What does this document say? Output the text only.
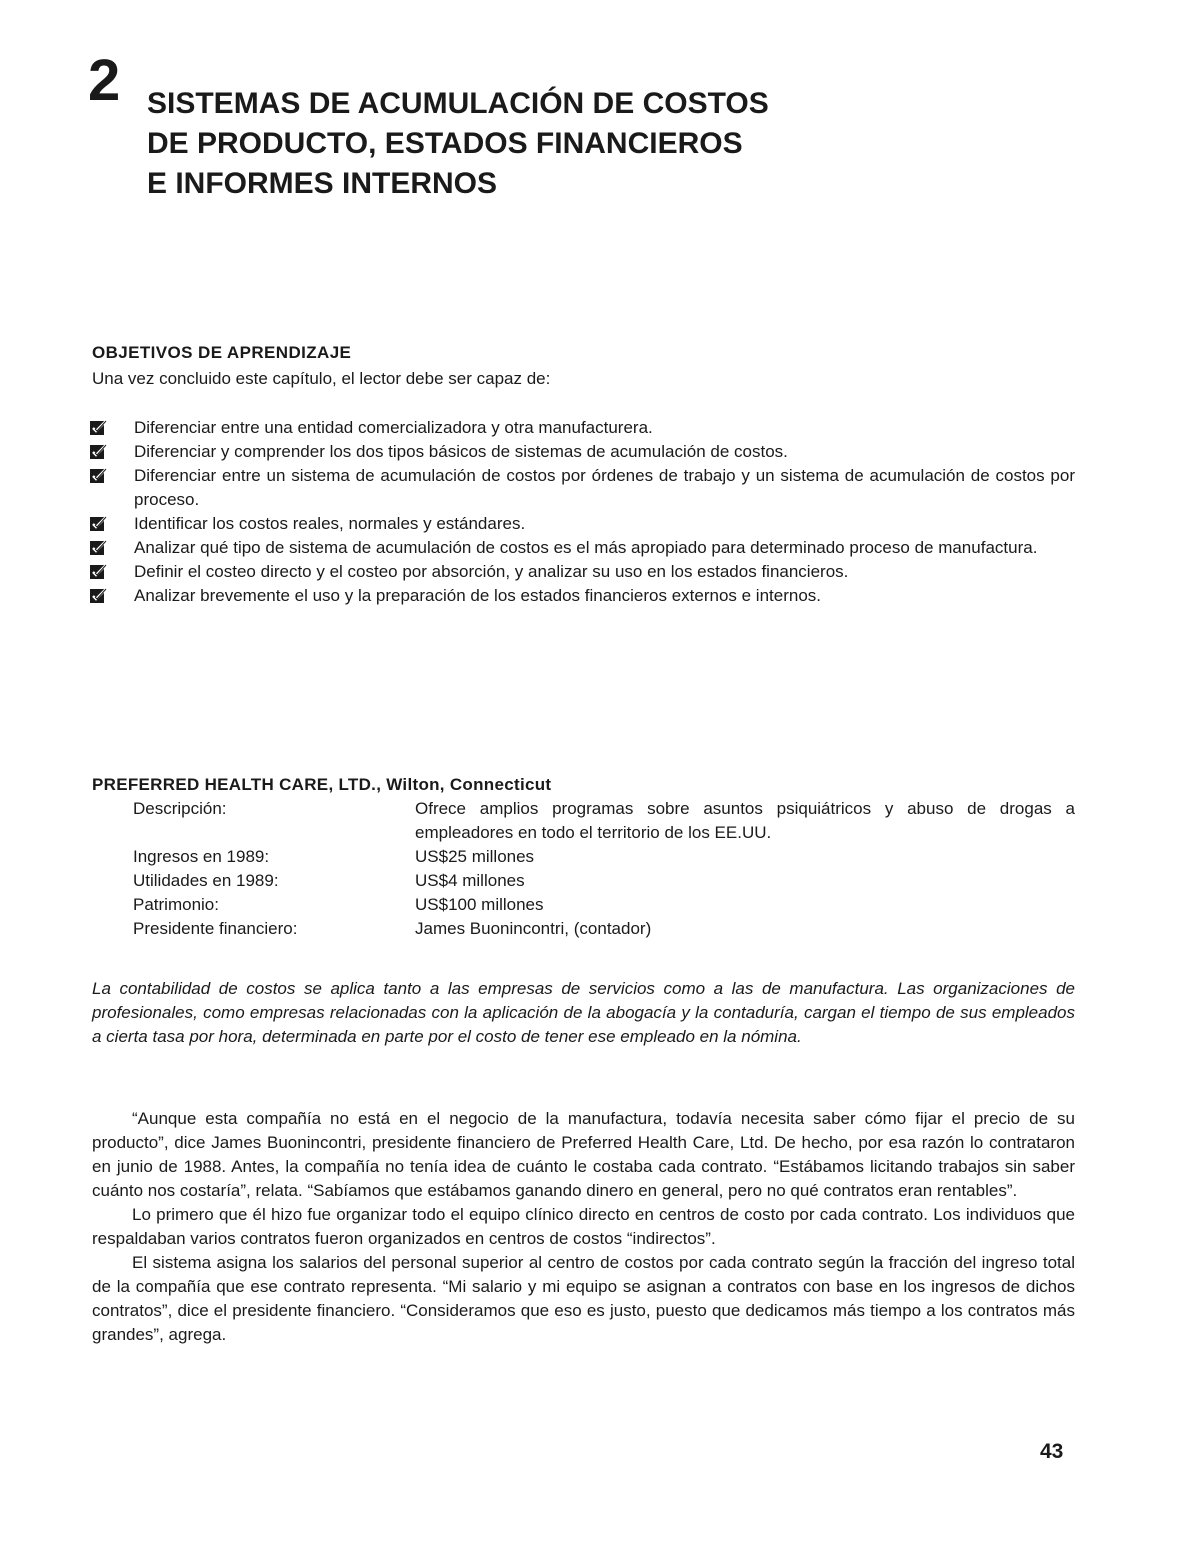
2 SISTEMAS DE ACUMULACIÓN DE COSTOS
DE PRODUCTO, ESTADOS FINANCIEROS
E INFORMES INTERNOS
OBJETIVOS DE APRENDIZAJE
Una vez concluido este capítulo, el lector debe ser capaz de:
Diferenciar entre una entidad comercializadora y otra manufacturera.
Diferenciar y comprender los dos tipos básicos de sistemas de acumulación de costos.
Diferenciar entre un sistema de acumulación de costos por órdenes de trabajo y un sistema de acumulación de costos por proceso.
Identificar los costos reales, normales y estándares.
Analizar qué tipo de sistema de acumulación de costos es el más apropiado para determinado proceso de manufactura.
Definir el costeo directo y el costeo por absorción, y analizar su uso en los estados financieros.
Analizar brevemente el uso y la preparación de los estados financieros externos e internos.
PREFERRED HEALTH CARE, LTD., Wilton, Connecticut
Descripción:	Ofrece amplios programas sobre asuntos psiquiátricos y abuso de drogas a empleadores en todo el territorio de los EE.UU.
Ingresos en 1989:	US$25 millones
Utilidades en 1989:	US$4 millones
Patrimonio:	US$100 millones
Presidente financiero:	James Buonincontri, (contador)

La contabilidad de costos se aplica tanto a las empresas de servicios como a las de manufactura. Las organizaciones de profesionales, como empresas relacionadas con la aplicación de la abogacía y la contaduría, cargan el tiempo de sus empleados a cierta tasa por hora, determinada en parte por el costo de tener ese empleado en la nómina.

“Aunque esta compañía no está en el negocio de la manufactura, todavía necesita saber cómo fijar el precio de su producto”, dice James Buonincontri, presidente financiero de Preferred Health Care, Ltd. De hecho, por esa razón lo contrataron en junio de 1988. Antes, la compañía no tenía idea de cuánto le costaba cada contrato. “Estábamos licitando trabajos sin saber cuánto nos costaría”, relata. “Sabíamos que estábamos ganando dinero en general, pero no qué contratos eran rentables”.

Lo primero que él hizo fue organizar todo el equipo clínico directo en centros de costo por cada contrato. Los individuos que respaldaban varios contratos fueron organizados en centros de costos “indirectos”.

El sistema asigna los salarios del personal superior al centro de costos por cada contrato según la fracción del ingreso total de la compañía que ese contrato representa. “Mi salario y mi equipo se asignan a contratos con base en los ingresos de dichos contratos”, dice el presidente financiero. “Consideramos que eso es justo, puesto que dedicamos más tiempo a los contratos más grandes”, agrega.

43
